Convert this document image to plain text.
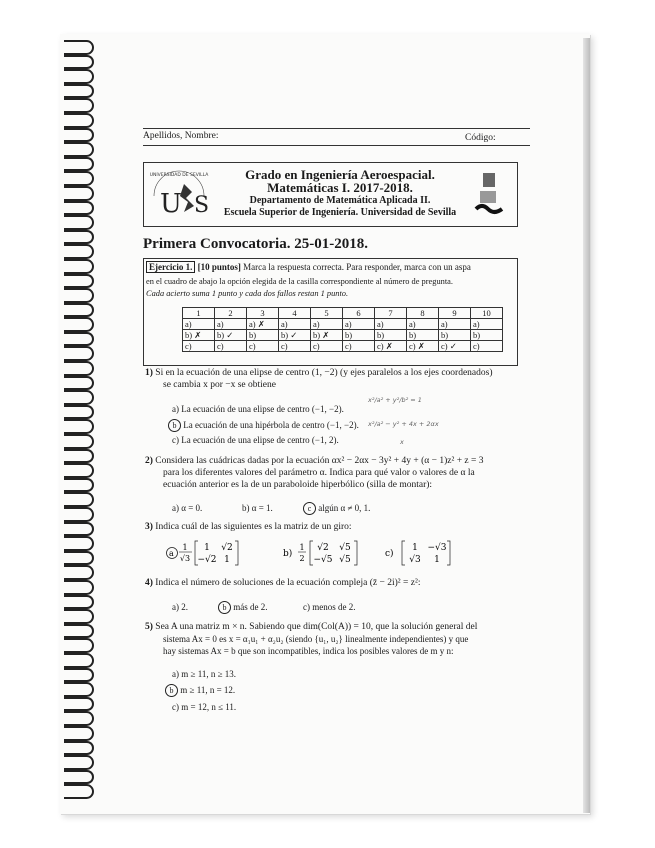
Apellidos, Nombre:	Código:
UNIVERSIDAD DE SEVILLA
U S
Grado en Ingeniería Aeroespacial.
Matemáticas I. 2017-2018.
Departamento de Matemática Aplicada II.
Escuela Superior de Ingeniería. Universidad de Sevilla
Primera Convocatoria. 25-01-2018.
Ejercicio 1. [10 puntos] Marca la respuesta correcta. Para responder, marca con un aspa
en el cuadro de abajo la opción elegida de la casilla correspondiente al número de pregunta.
Cada acierto suma 1 punto y cada dos fallos restan 1 punto.
1	2	3	4	5	6	7	8	9	10
a)	a)	a) ✗	a)	a)	a)	a)	a)	a)	a)
b) ✗	b) ✓	b)	b) ✓	b) ✗	b)	b)	b)	b)	b)
c)	c)	c)	c)	c)	c)	c) ✗	c) ✗	c) ✓	c)
1) Si en la ecuación de una elipse de centro (1, −2) (y ejes paralelos a los ejes coordenados)
se cambia x por −x se obtiene
a) La ecuación de una elipse de centro (−1, −2).
b La ecuación de una hipérbola de centro (−1, −2).
c) La ecuación de una elipse de centro (−1, 2).
x²/a² + y²/b² = 1
x²/a² − y² + 4x + 2αx
x
2) Considera las cuádricas dadas por la ecuación αx² − 2αx − 3y² + 4y + (α − 1)z² + z = 3
para los diferentes valores del parámetro α. Indica para qué valor o valores de α la
ecuación anterior es la de un paraboloide hiperbólico (silla de montar):
a) α = 0.	b) α = 1.	c algún α ≠ 0, 1.
3) Indica cuál de las siguientes es la matriz de un giro:
a
1
√3
1 √2
−√2 1
b)
1
2
√2 √5
−√5 √5
c)
1 −√3
√3 1
4) Indica el número de soluciones de la ecuación compleja (z̄ − 2i)² = z²:
a) 2.	b más de 2.	c) menos de 2.
5) Sea A una matriz m × n. Sabiendo que dim(Col(A)) = 10, que la solución general del
sistema Ax = 0 es x = α₁u₁ + α₂u₂ (siendo {u₁, u₂} linealmente independientes) y que
hay sistemas Ax = b que son incompatibles, indica los posibles valores de m y n:
a) m ≥ 11, n ≥ 13.
b m ≥ 11, n = 12.
c) m = 12, n ≤ 11.
